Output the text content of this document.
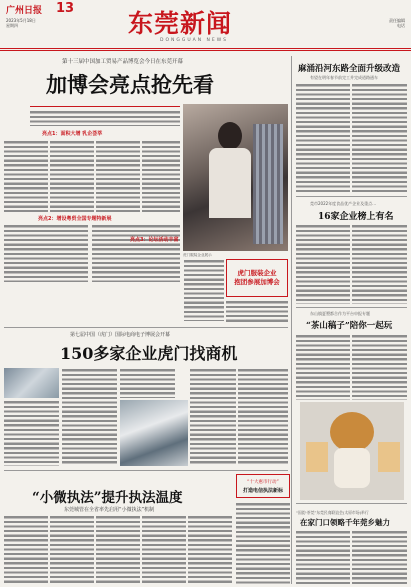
广州日报 13
2023年5月18日
星期四	东莞新闻
DONGGUAN NEWS
责任编辑
电话
第十三届中国加工贸易产品博览会今日在东莞开幕
加博会亮点抢先看
虎门服装企业展示
亮点1：面积大增 乳企荟萃
亮点2：增设粤贸全国专题特新展
亮点3：论坛活动丰富
虎门服装企业
抱团参展加博会
第七届中国（虎门）国际电商电子博展会开幕
150多家企业虎门找商机
“小微执法”提升执法温度
东莞城管在全省率先启用“小微执法”机制
“十大惠市行动”
打造电信执法新标
麻涌沿河东路全面升级改造
有望在明年春节前完工并完成道路通车
莞市2022年度食品优产企业及重点…
16家企业榜上有名
东山镇夏塑都合作为平台申报专题
“茶山稿子”陪你一起玩
“国韵·茶莞”东莞民商联谊会(太原市场)举行
在家门口领略千年莞乡魅力
